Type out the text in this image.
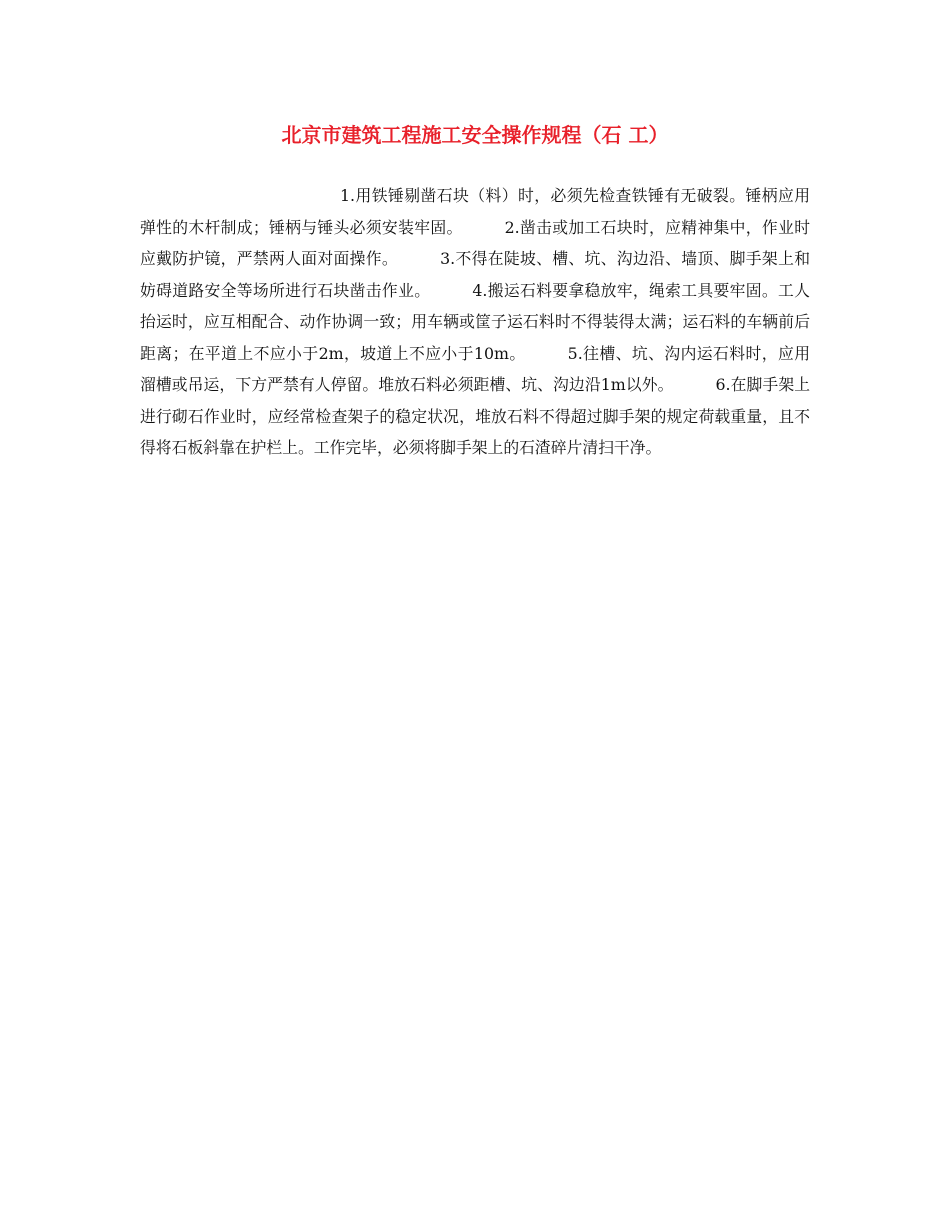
北京市建筑工程施工安全操作规程（石 工）

1.用铁锤剔凿石块（料）时，必须先检查铁锤有无破裂。锤柄应用弹性的木杆制成；锤柄与锤头必须安装牢固。	2.凿击或加工石块时，应精神集中，作业时应戴防护镜，严禁两人面对面操作。	3.不得在陡坡、槽、坑、沟边沿、墙顶、脚手架上和妨碍道路安全等场所进行石块凿击作业。	4.搬运石料要拿稳放牢，绳索工具要牢固。工人抬运时，应互相配合、动作协调一致；用车辆或筐子运石料时不得装得太满；运石料的车辆前后距离；在平道上不应小于2m，坡道上不应小于10m。	5.往槽、坑、沟内运石料时，应用溜槽或吊运，下方严禁有人停留。堆放石料必须距槽、坑、沟边沿1m以外。	6.在脚手架上进行砌石作业时，应经常检查架子的稳定状况，堆放石料不得超过脚手架的规定荷载重量，且不得将石板斜靠在护栏上。工作完毕，必须将脚手架上的石渣碎片清扫干净。
